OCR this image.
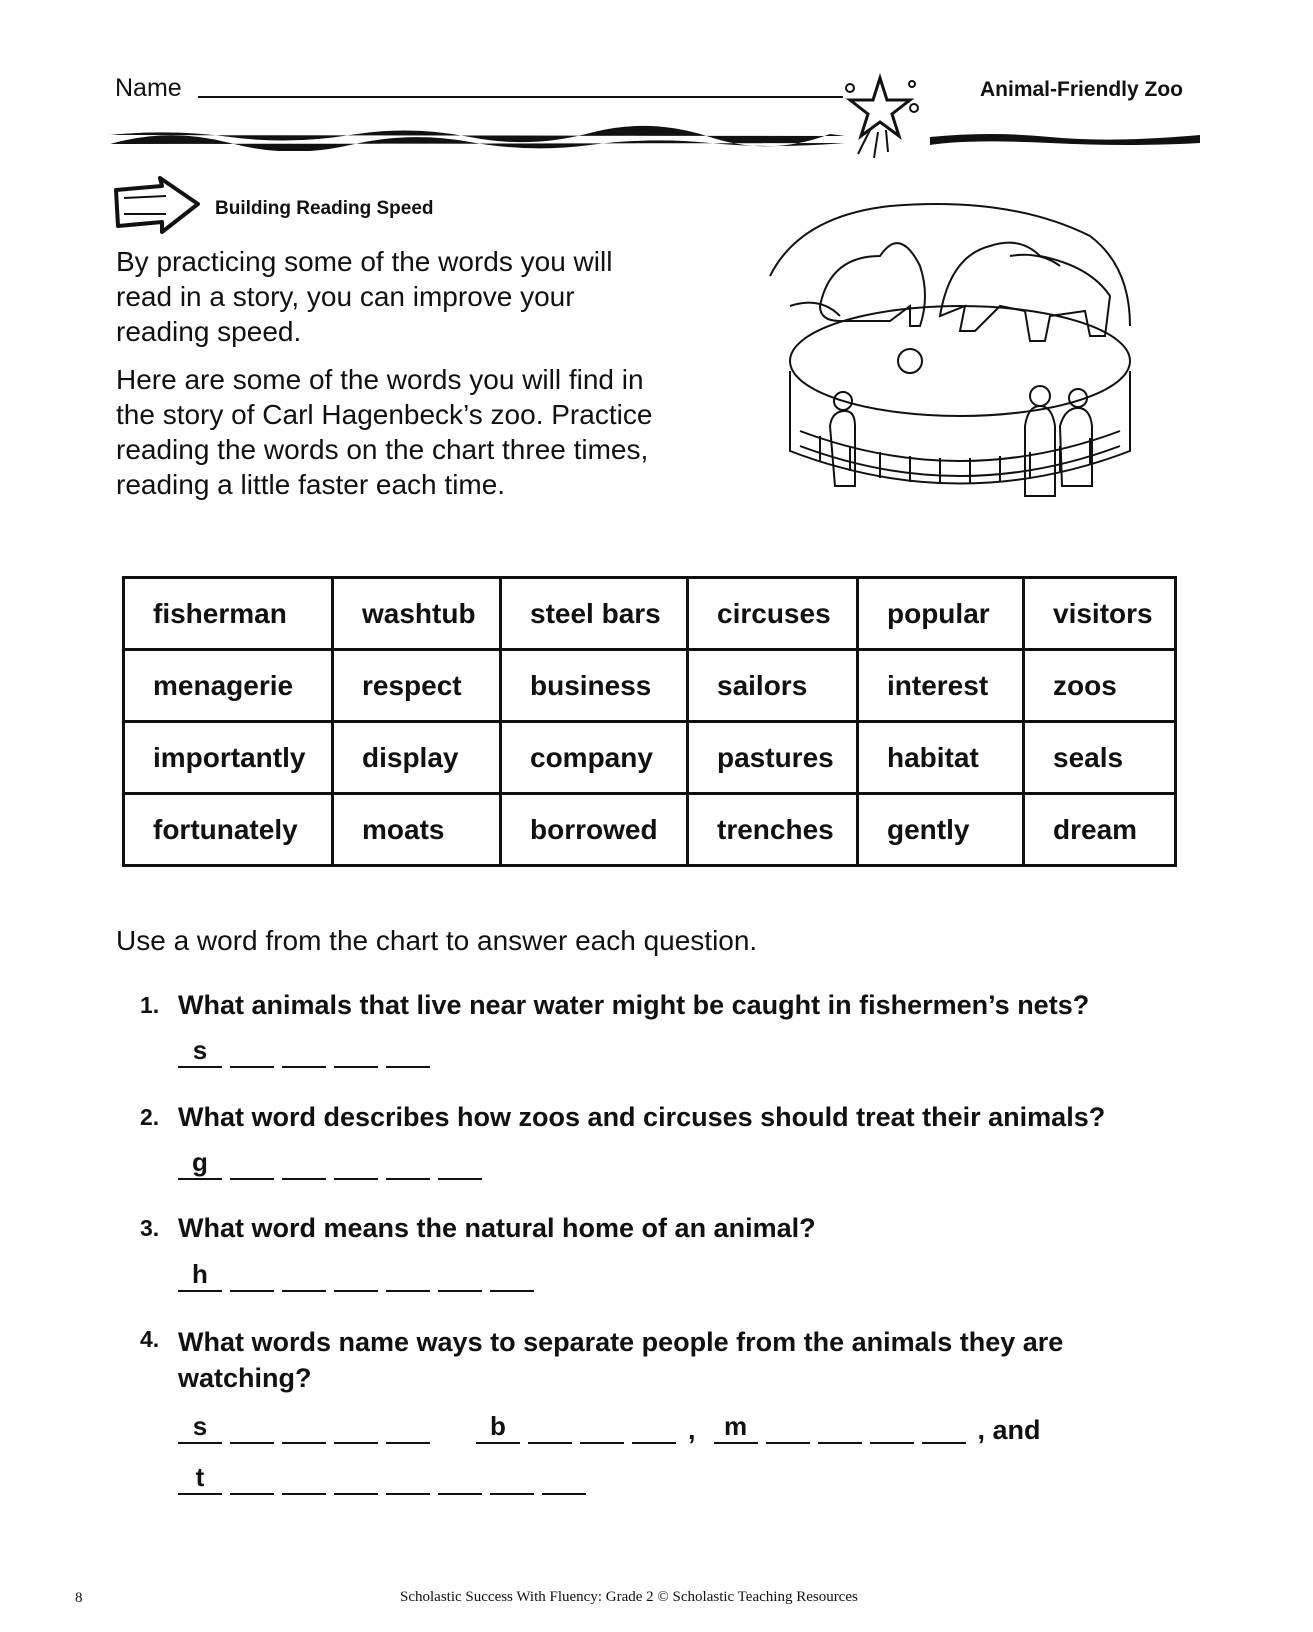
Name	Animal-Friendly Zoo
Building Reading Speed
By practicing some of the words you will read in a story, you can improve your reading speed.
Here are some of the words you will find in the story of Carl Hagenbeck’s zoo. Practice reading the words on the chart three times, reading a little faster each time.
fisherman	washtub	steel bars	circuses	popular	visitors
menagerie	respect	business	sailors	interest	zoos
importantly	display	company	pastures	habitat	seals
fortunately	moats	borrowed	trenches	gently	dream
Use a word from the chart to answer each question.
1. What animals that live near water might be caught in fishermen’s nets?
s
2. What word describes how zoos and circuses should treat their animals?
g
3. What word means the natural home of an animal?
h
4. What words name ways to separate people from the animals they are watching?
s	b	,	m	, and
t
8	Scholastic Success With Fluency: Grade 2 © Scholastic Teaching Resources
